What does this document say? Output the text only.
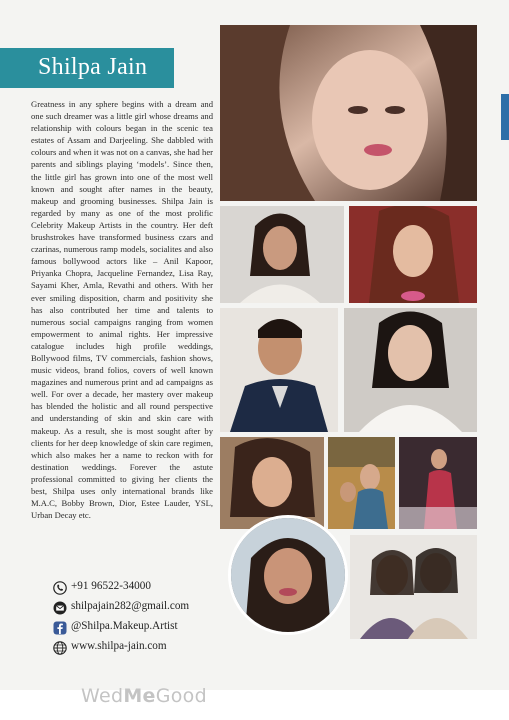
Shilpa Jain

Greatness in any sphere begins with a dream and one such dreamer was a little girl whose dreams and relationship with colours began in the scenic tea estates of Assam and Darjeeling. She dabbled with colours and when it was not on a canvas, she had her parents and siblings playing ‘models’. Since then, the little girl has grown into one of the most well known and sought after names in the beauty, makeup and grooming businesses. Shilpa Jain is regarded by many as one of the most prolific Celebrity Makeup Artists in the country. Her deft brushstrokes have transformed business czars and czarinas, numerous ramp models, socialites and also famous bollywood actors like – Anil Kapoor, Priyanka Chopra, Jacqueline Fernandez, Lisa Ray, Sayami Kher, Amla, Revathi and others. With her ever smiling disposition, charm and positivity she has also contributed her time and talents to numerous social campaigns ranging from women empowerment to animal rights. Her impressive catalogue includes high profile weddings, Bollywood films, TV commercials, fashion shows, music videos, brand folios, covers of well known magazines and numerous print and ad campaigns as well. For over a decade, her mastery over makeup has blended the holistic and all round perspective and understanding of skin and skin care with makeup. As a result, she is most sought after by clients for her deep knowledge of skin care regimen, which also makes her a name to reckon with for destination weddings. Forever the astute professional committed to giving her clients the best, Shilpa uses only international brands like M.A.C, Bobby Brown, Dior, Estee Lauder, YSL, Urban Decay etc.

+91 96522-34000
shilpajain282@gmail.com
@Shilpa.Makeup.Artist
www.shilpa-jain.com
WedMeGood
